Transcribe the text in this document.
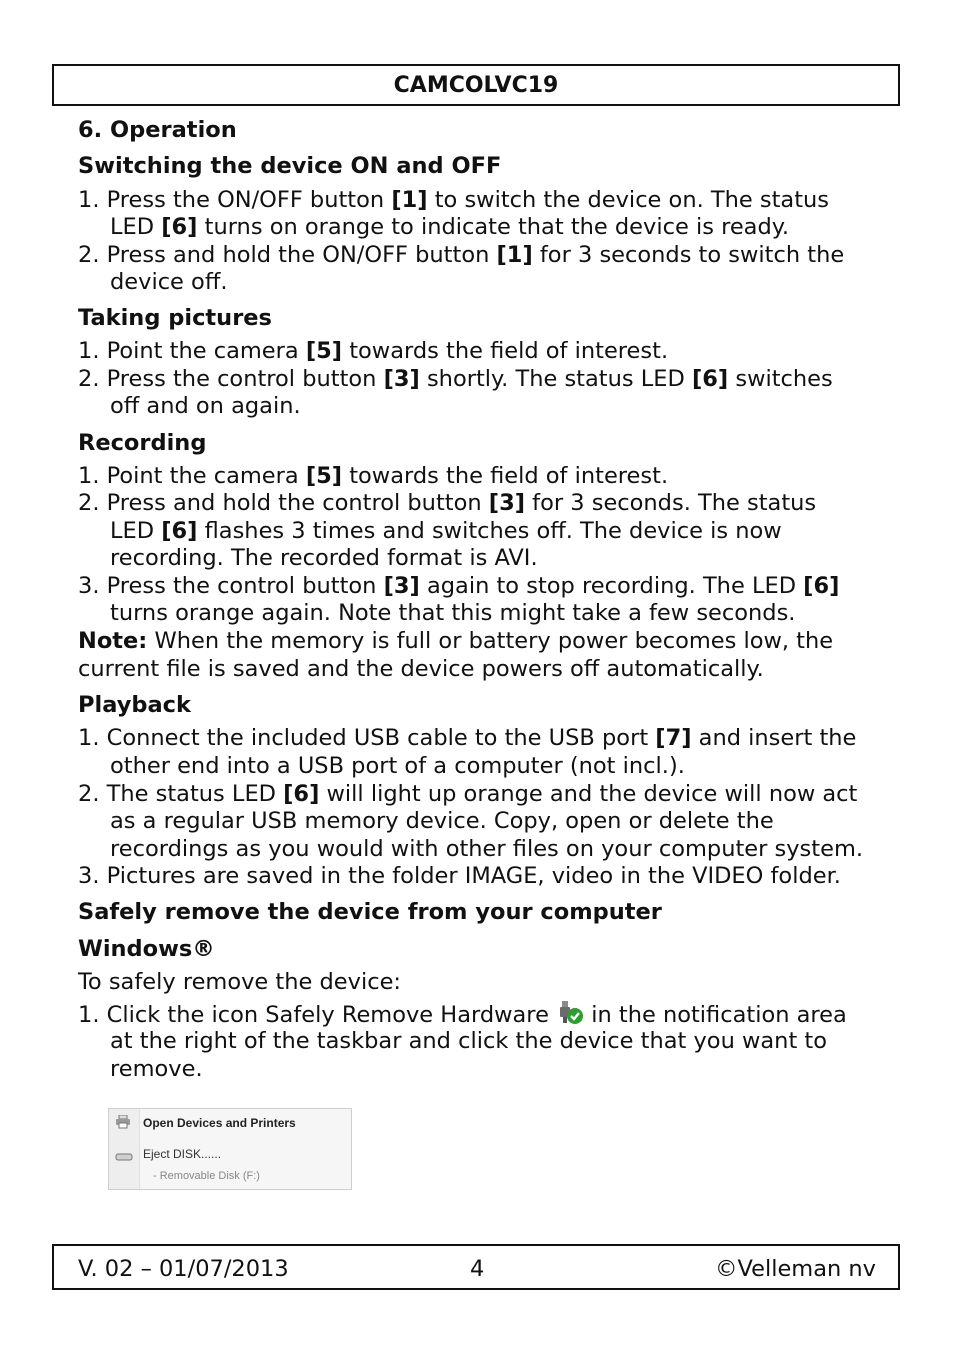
CAMCOLVC19
6. Operation
Switching the device ON and OFF
1. Press the ON/OFF button [1] to switch the device on. The status
LED [6] turns on orange to indicate that the device is ready.
2. Press and hold the ON/OFF button [1] for 3 seconds to switch the
device off.
Taking pictures
1. Point the camera [5] towards the field of interest.
2. Press the control button [3] shortly. The status LED [6] switches
off and on again.
Recording
1. Point the camera [5] towards the field of interest.
2. Press and hold the control button [3] for 3 seconds. The status
LED [6] flashes 3 times and switches off. The device is now
recording. The recorded format is AVI.
3. Press the control button [3] again to stop recording. The LED [6]
turns orange again. Note that this might take a few seconds.
Note: When the memory is full or battery power becomes low, the
current file is saved and the device powers off automatically.
Playback
1. Connect the included USB cable to the USB port [7] and insert the
other end into a USB port of a computer (not incl.).
2. The status LED [6] will light up orange and the device will now act
as a regular USB memory device. Copy, open or delete the
recordings as you would with other files on your computer system.
3. Pictures are saved in the folder IMAGE, video in the VIDEO folder.
Safely remove the device from your computer
Windows®
To safely remove the device:
1. Click the icon Safely Remove Hardware  in the notification area
at the right of the taskbar and click the device that you want to
remove.
Open Devices and Printers
Eject DISK......
- Removable Disk (F:)
V. 02 – 01/07/2013	4	©Velleman nv
